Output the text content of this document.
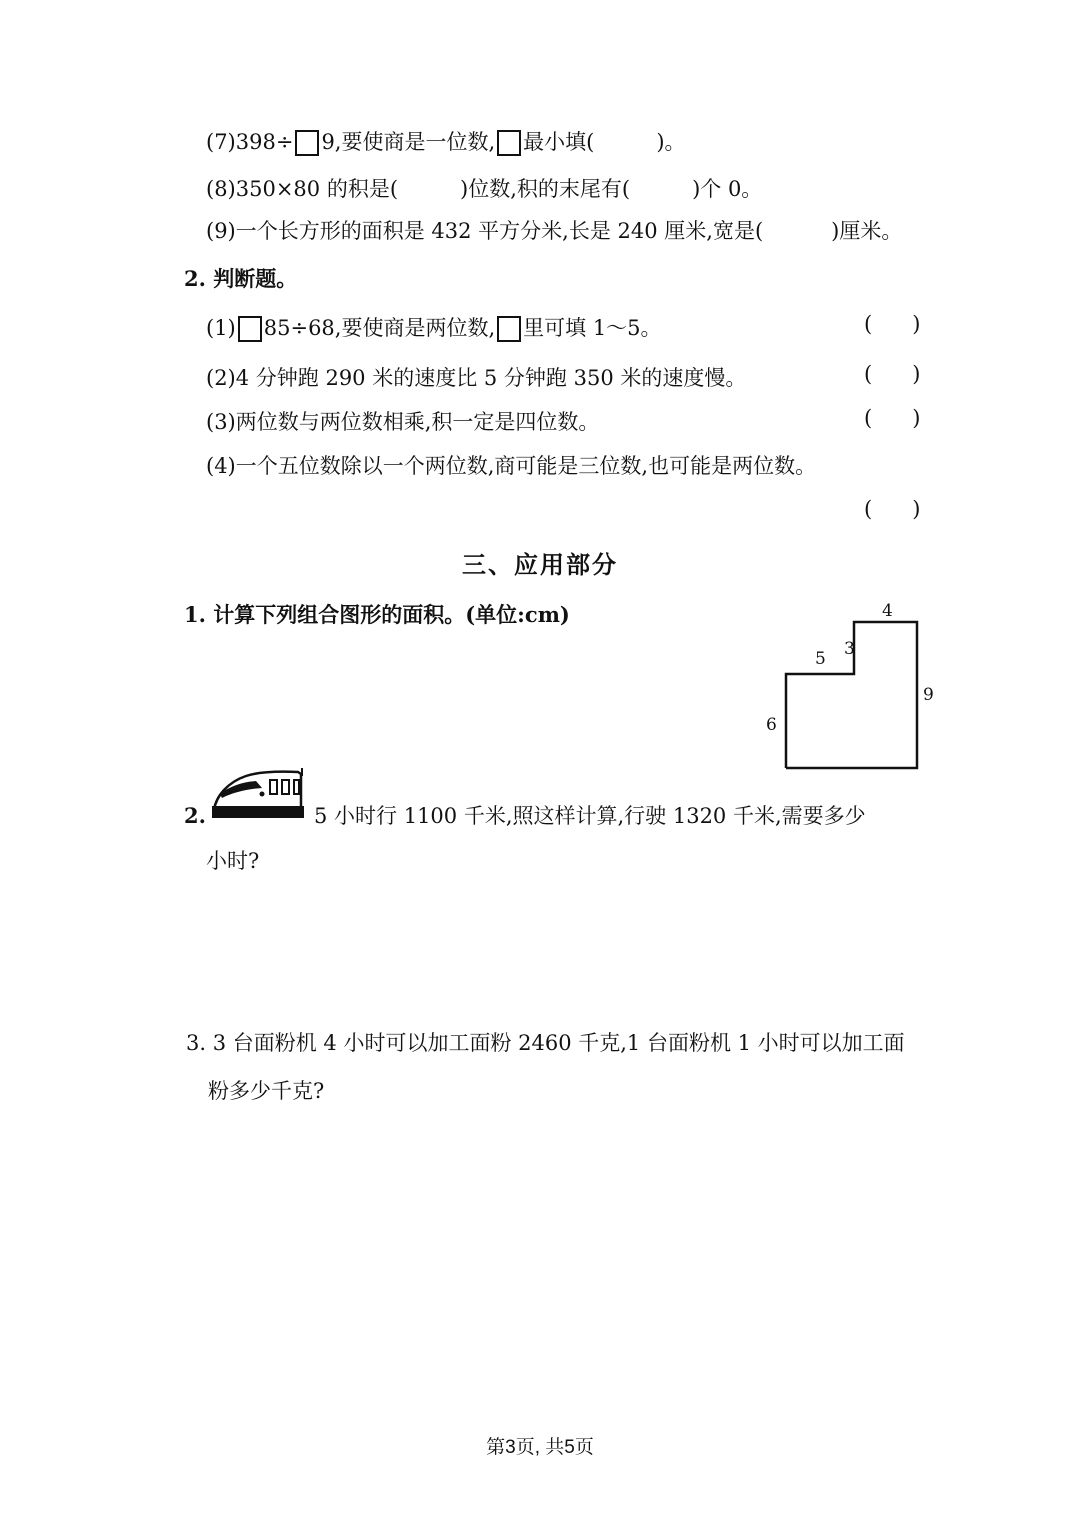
(7)398÷ 9,要使商是一位数, 最小填(	)。
(8)350×80 的积是(	)位数,积的末尾有(	)个 0。
(9)一个长方形的面积是 432 平方分米,长是 240 厘米,宽是(	)厘米。
2. 判断题。
(1) 85÷68,要使商是两位数, 里可填 1～5。	(      )
(2)4 分钟跑 290 米的速度比 5 分钟跑 350 米的速度慢。	(      )
(3)两位数与两位数相乘,积一定是四位数。	(      )
(4)一个五位数除以一个两位数,商可能是三位数,也可能是两位数。
(      )
三、应用部分
1. 计算下列组合图形的面积。(单位:cm)	4
3
5
9
6
2.	5 小时行 1100 千米,照这样计算,行驶 1320 千米,需要多少
小时?
3. 3 台面粉机 4 小时可以加工面粉 2460 千克,1 台面粉机 1 小时可以加工面
粉多少千克?
第3页, 共5页
